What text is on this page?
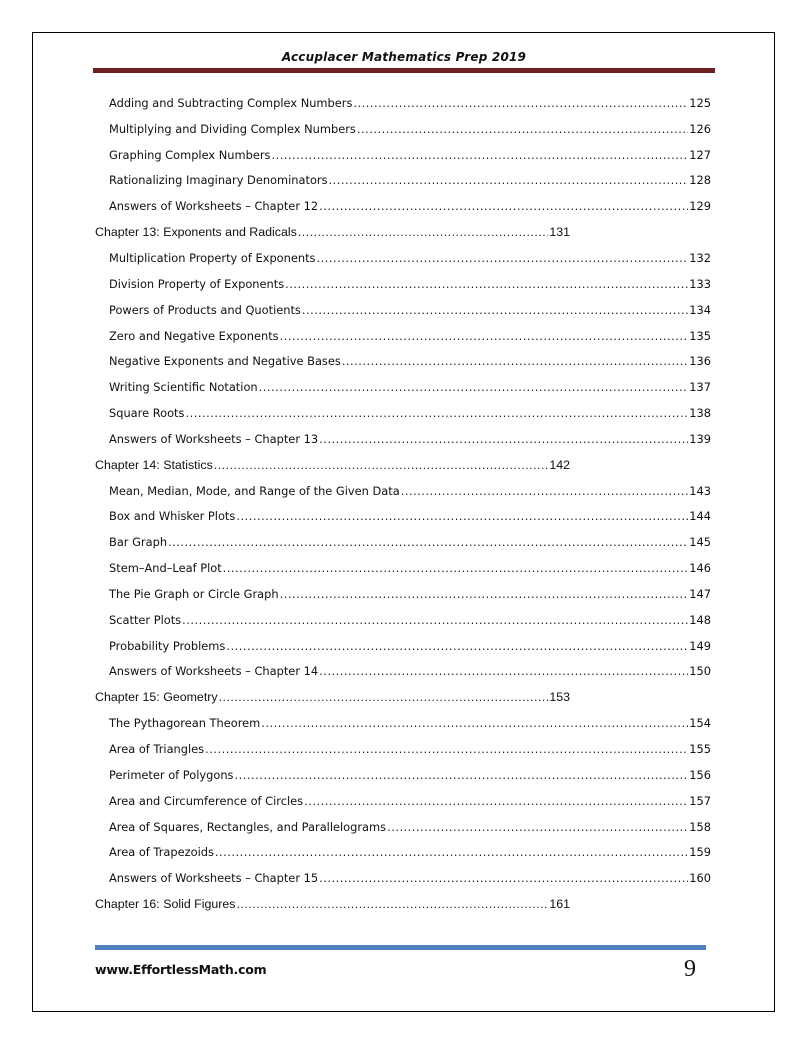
Accuplacer Mathematics Prep 2019
Adding and Subtracting Complex Numbers .....	125
Multiplying and Dividing Complex Numbers .....	126
Graphing Complex Numbers .....	127
Rationalizing Imaginary Denominators .....	128
Answers of Worksheets – Chapter 12 .....	129
Chapter 13: Exponents and Radicals .....	131
Multiplication Property of Exponents .....	132
Division Property of Exponents .....	133
Powers of Products and Quotients .....	134
Zero and Negative Exponents .....	135
Negative Exponents and Negative Bases .....	136
Writing Scientific Notation .....	137
Square Roots .....	138
Answers of Worksheets – Chapter 13 .....	139
Chapter 14: Statistics .....	142
Mean, Median, Mode, and Range of the Given Data .....	143
Box and Whisker Plots .....	144
Bar Graph .....	145
Stem–And–Leaf Plot .....	146
The Pie Graph or Circle Graph .....	147
Scatter Plots .....	148
Probability Problems .....	149
Answers of Worksheets – Chapter 14 .....	150
Chapter 15: Geometry .....	153
The Pythagorean Theorem .....	154
Area of Triangles .....	155
Perimeter of Polygons .....	156
Area and Circumference of Circles .....	157
Area of Squares, Rectangles, and Parallelograms .....	158
Area of Trapezoids .....	159
Answers of Worksheets – Chapter 15 .....	160
Chapter 16: Solid Figures .....	161
www.EffortlessMath.com	9
